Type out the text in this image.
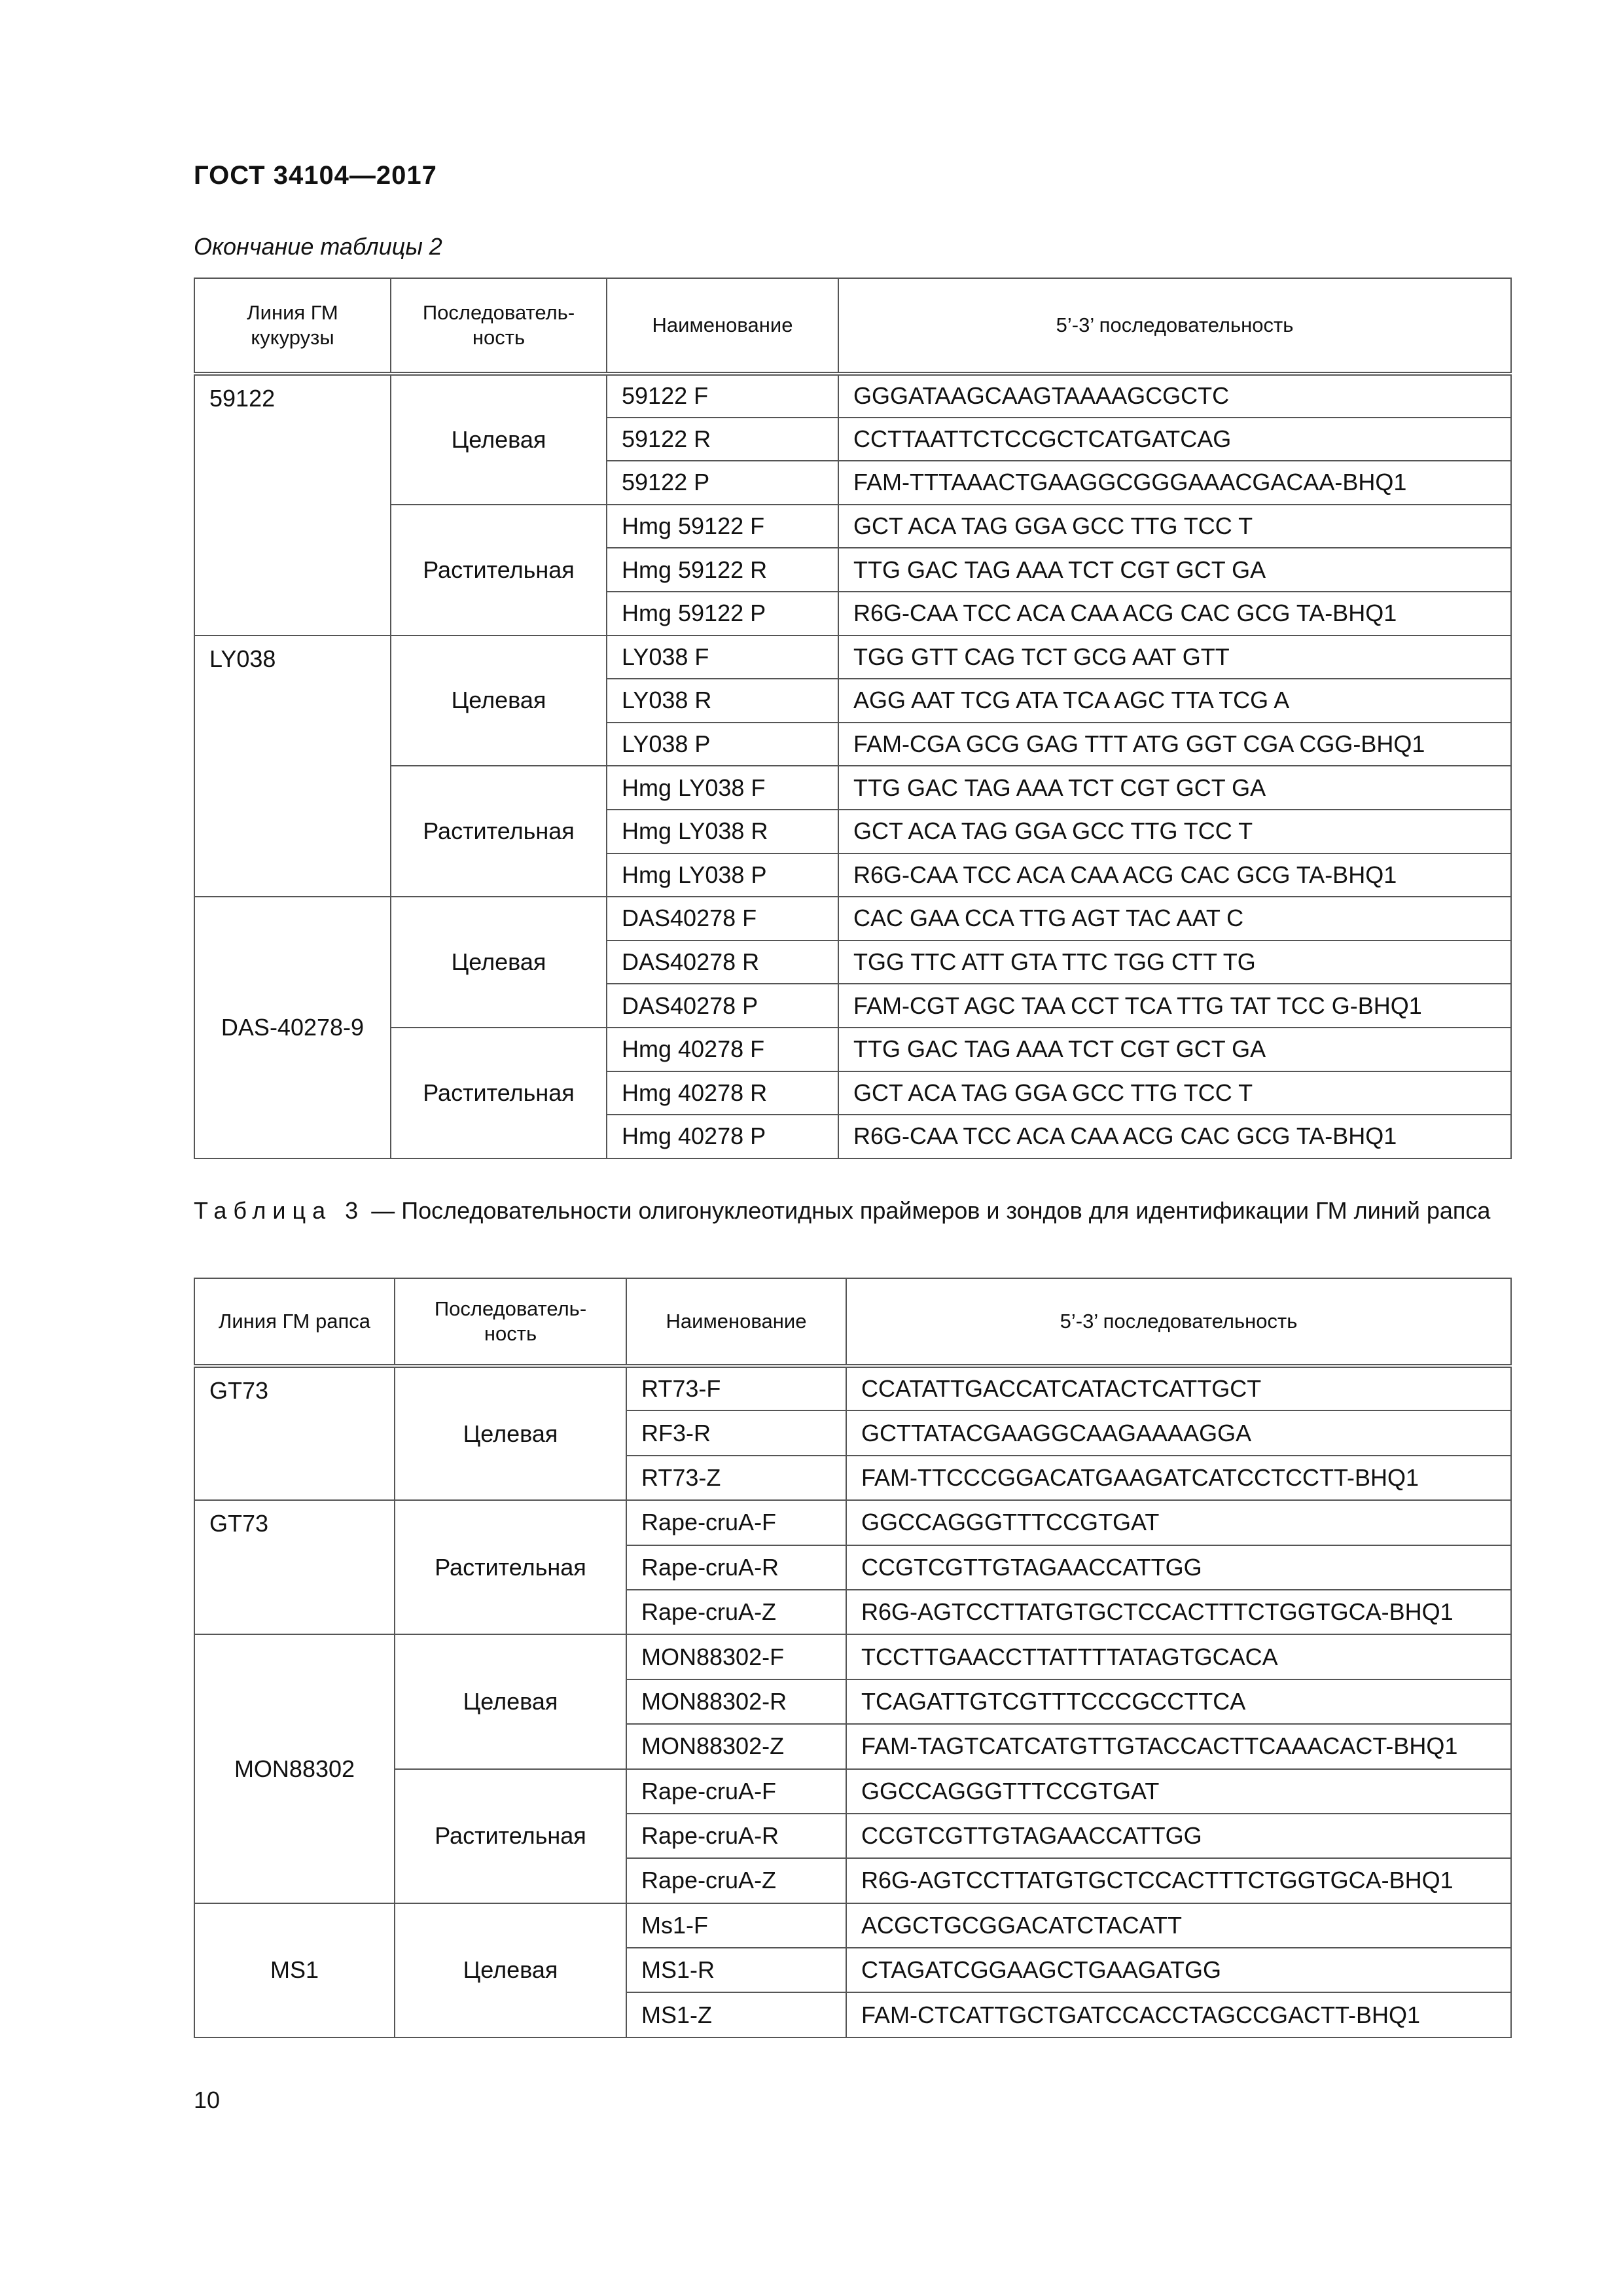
ГОСТ 34104—2017
Окончание таблицы 2
Линия ГМ кукурузы	Последователь-ность	Наименование	5’-3’ последовательность
59122	Целевая	59122 F	GGGATAAGCAAGTAAAAGCGCTC
		59122 R	CCTTAATTCTCCGCTCATGATCAG
		59122 P	FAM-TTTAAACTGAAGGCGGGAAACGACAA-BHQ1
	Растительная	Hmg 59122 F	GCT ACA TAG GGA GCC TTG TCC T
		Hmg 59122 R	TTG GAC TAG AAA TCT CGT GCT GA
		Hmg 59122 P	R6G-CAA TCC ACA CAA ACG CAC GCG TA-BHQ1
LY038	Целевая	LY038 F	TGG GTT CAG TCT GCG AAT GTT
		LY038 R	AGG AAT TCG ATA TCA AGC TTA TCG A
		LY038 P	FAM-CGA GCG GAG TTT ATG GGT CGA CGG-BHQ1
	Растительная	Hmg LY038 F	TTG GAC TAG AAA TCT CGT GCT GA
		Hmg LY038 R	GCT ACA TAG GGA GCC TTG TCC T
		Hmg LY038 P	R6G-CAA TCC ACA CAA ACG CAC GCG TA-BHQ1
DAS-40278-9	Целевая	DAS40278 F	CAC GAA CCA TTG AGT TAC AAT C
		DAS40278 R	TGG TTC ATT GTA TTC TGG CTT TG
		DAS40278 P	FAM-CGT AGC TAA CCT TCA TTG TAT TCC G-BHQ1
	Растительная	Hmg 40278 F	TTG GAC TAG AAA TCT CGT GCT GA
		Hmg 40278 R	GCT ACA TAG GGA GCC TTG TCC T
		Hmg 40278 P	R6G-CAA TCC ACA CAA ACG CAC GCG TA-BHQ1
Таблица 3 — Последовательности олигонуклеотидных праймеров и зондов для идентификации ГМ линий рапса
Линия ГМ рапса	Последователь-ность	Наименование	5’-3’ последовательность
GT73	Целевая	RT73-F	CCATATTGACCATCATACTCATTGCT
		RF3-R	GCTTATACGAAGGCAAGAAAAGGA
		RT73-Z	FAM-TTCCCGGACATGAAGATCATCCTCCTT-BHQ1
GT73	Растительная	Rape-cruA-F	GGCCAGGGTTTCCGTGAT
		Rape-cruA-R	CCGTCGTTGTAGAACCATTGG
		Rape-cruA-Z	R6G-AGTCCTTATGTGCTCCACTTTCTGGTGCA-BHQ1
MON88302	Целевая	MON88302-F	TCCTTGAACCTTATTTTATAGTGCACA
		MON88302-R	TCAGATTGTCGTTTCCCGCCTTCA
		MON88302-Z	FAM-TAGTCATCATGTTGTACCACTTCAAACACT-BHQ1
	Растительная	Rape-cruA-F	GGCCAGGGTTTCCGTGAT
		Rape-cruA-R	CCGTCGTTGTAGAACCATTGG
		Rape-cruA-Z	R6G-AGTCCTTATGTGCTCCACTTTCTGGTGCA-BHQ1
MS1	Целевая	Ms1-F	ACGCTGCGGACATCTACATT
		MS1-R	CTAGATCGGAAGCTGAAGATGG
		MS1-Z	FAM-CTCATTGCTGATCCACCTAGCCGACTT-BHQ1
10
